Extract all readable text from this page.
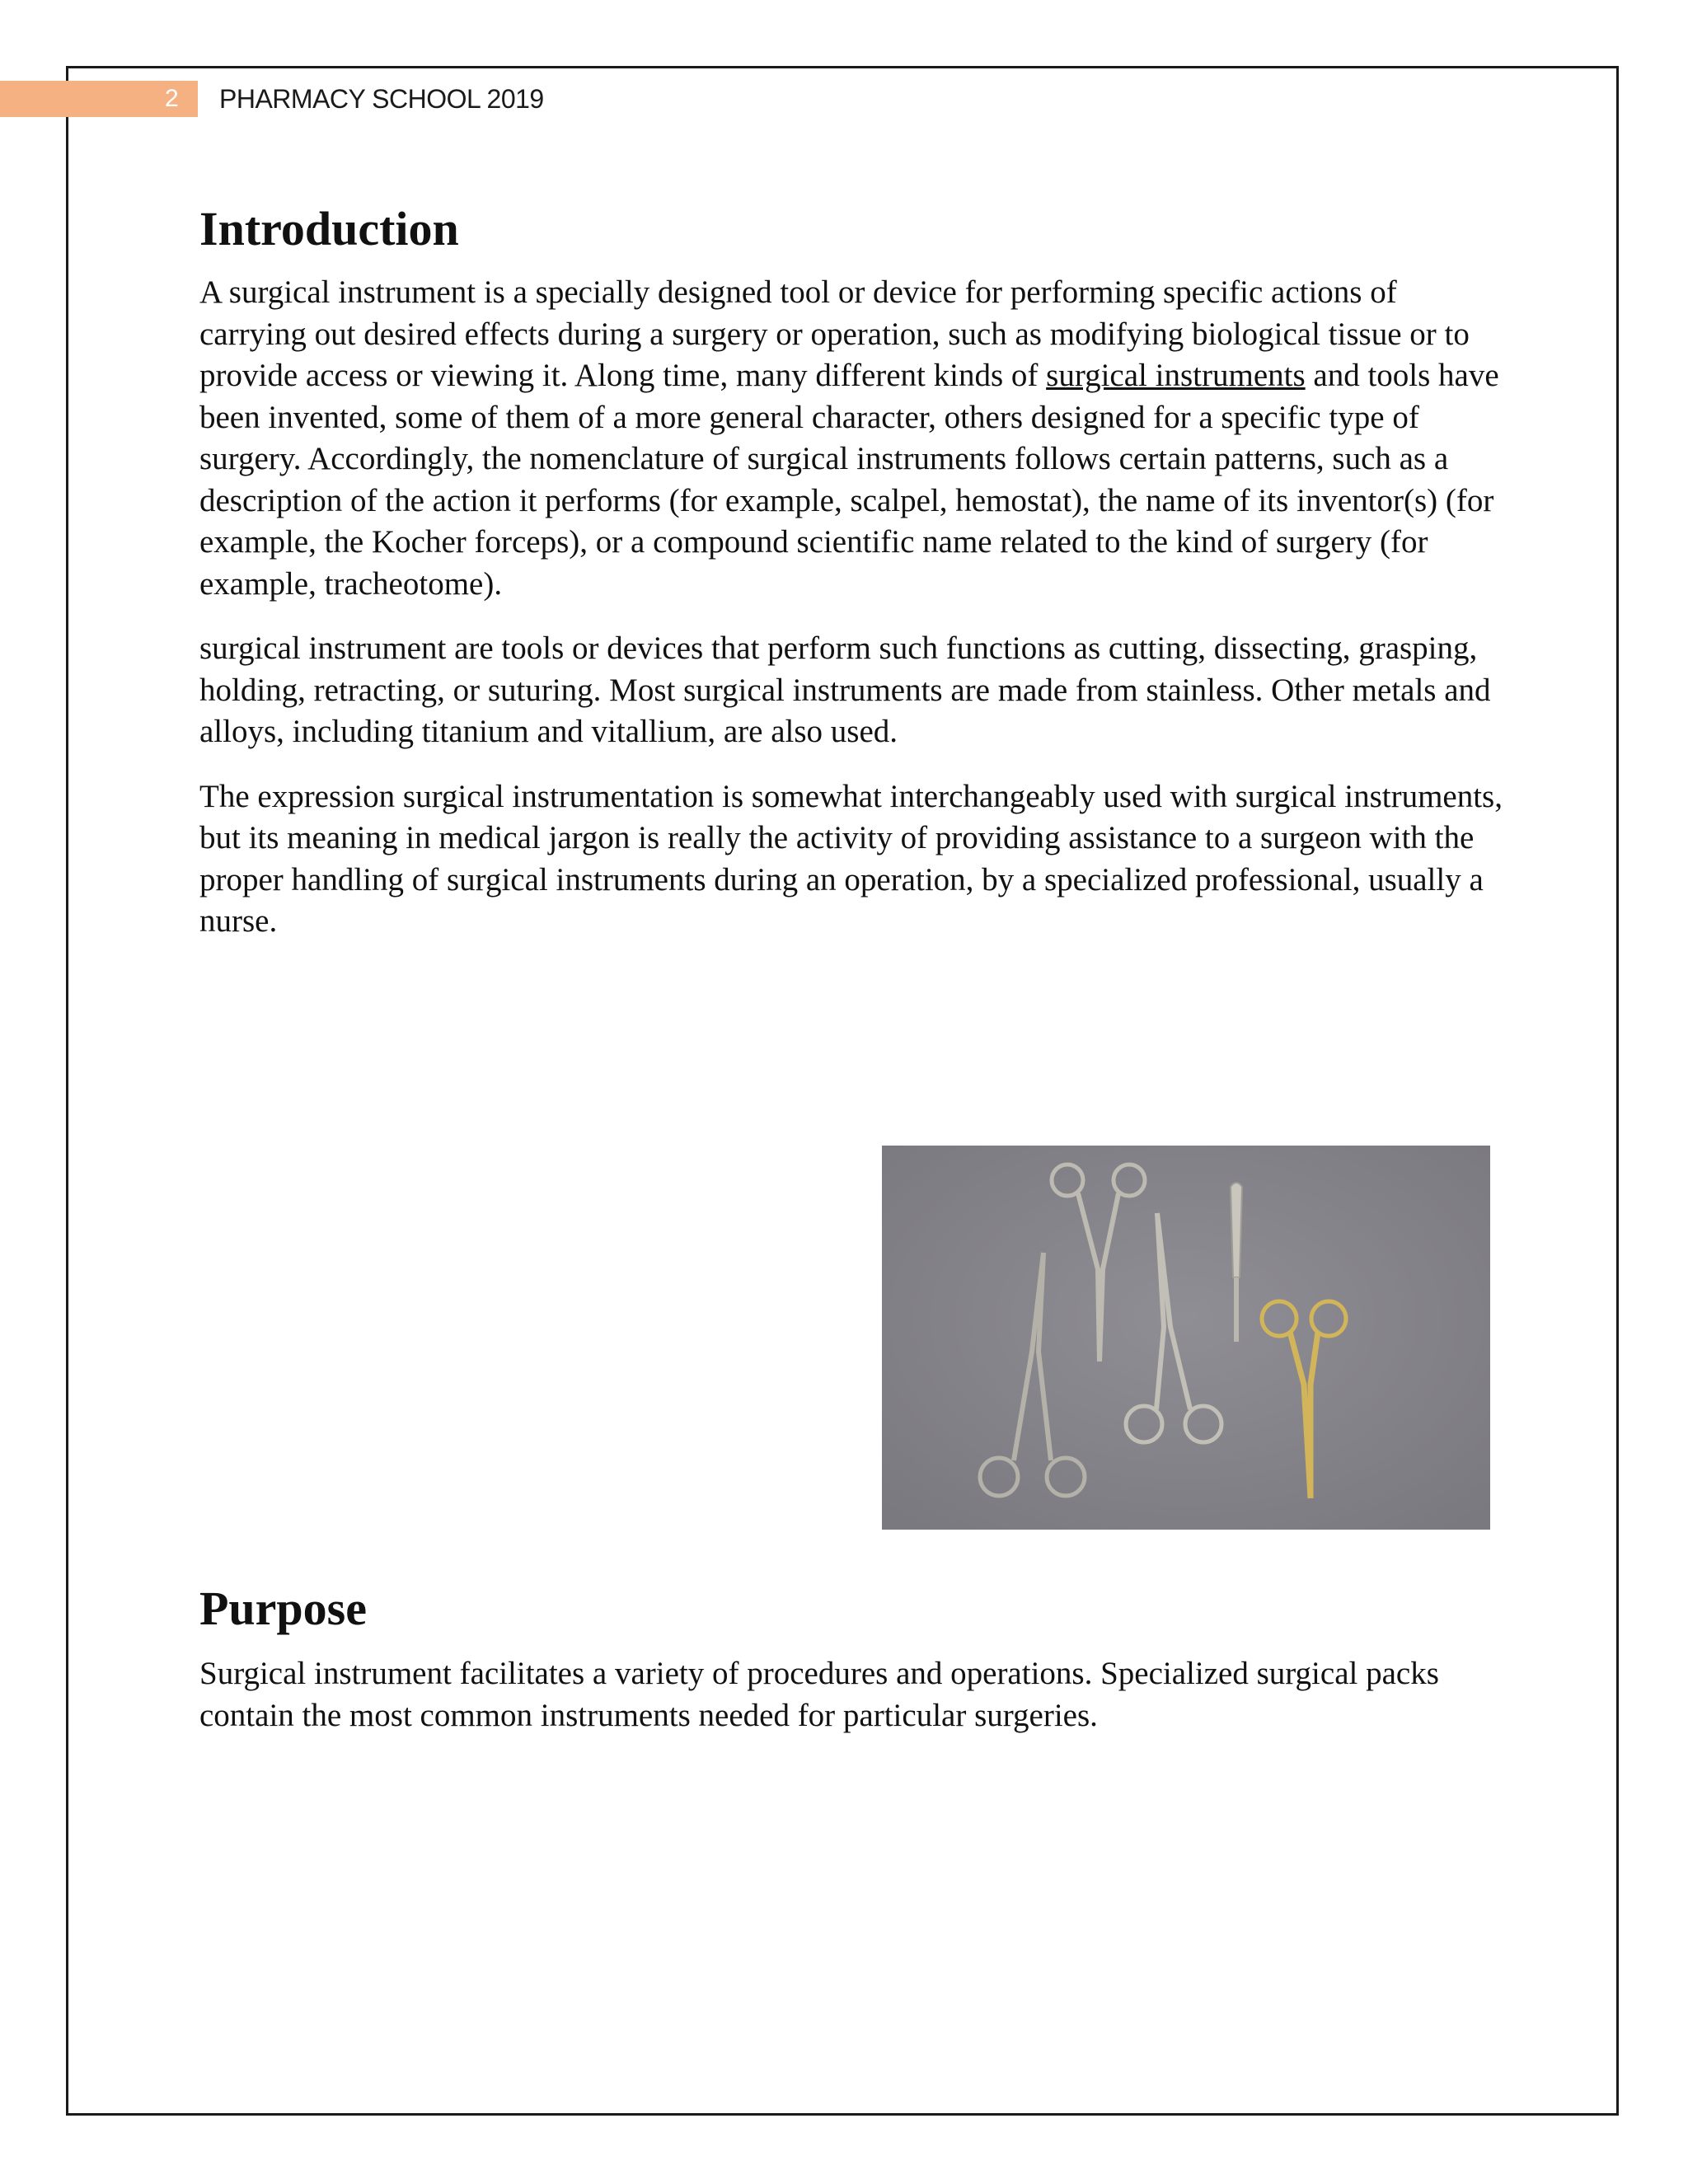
2 PHARMACY SCHOOL 2019
Introduction

A surgical instrument is a specially designed tool or device for performing specific actions of carrying out desired effects during a surgery or operation, such as modifying biological tissue or to provide access or viewing it. Along time, many different kinds of surgical instruments and tools have been invented, some of them of a more general character, others designed for a specific type of surgery. Accordingly, the nomenclature of surgical instruments follows certain patterns, such as a description of the action it performs (for example, scalpel, hemostat), the name of its inventor(s) (for example, the Kocher forceps), or a compound scientific name related to the kind of surgery (for example, tracheotome).

surgical instrument are tools or devices that perform such functions as cutting, dissecting, grasping, holding, retracting, or suturing. Most surgical instruments are made from stainless. Other metals and alloys, including titanium and vitallium, are also used.

The expression surgical instrumentation is somewhat interchangeably used with surgical instruments, but its meaning in medical jargon is really the activity of providing assistance to a surgeon with the proper handling of surgical instruments during an operation, by a specialized professional, usually a nurse.

Purpose

Surgical instrument facilitates a variety of procedures and operations. Specialized surgical packs contain the most common instruments needed for particular surgeries.
